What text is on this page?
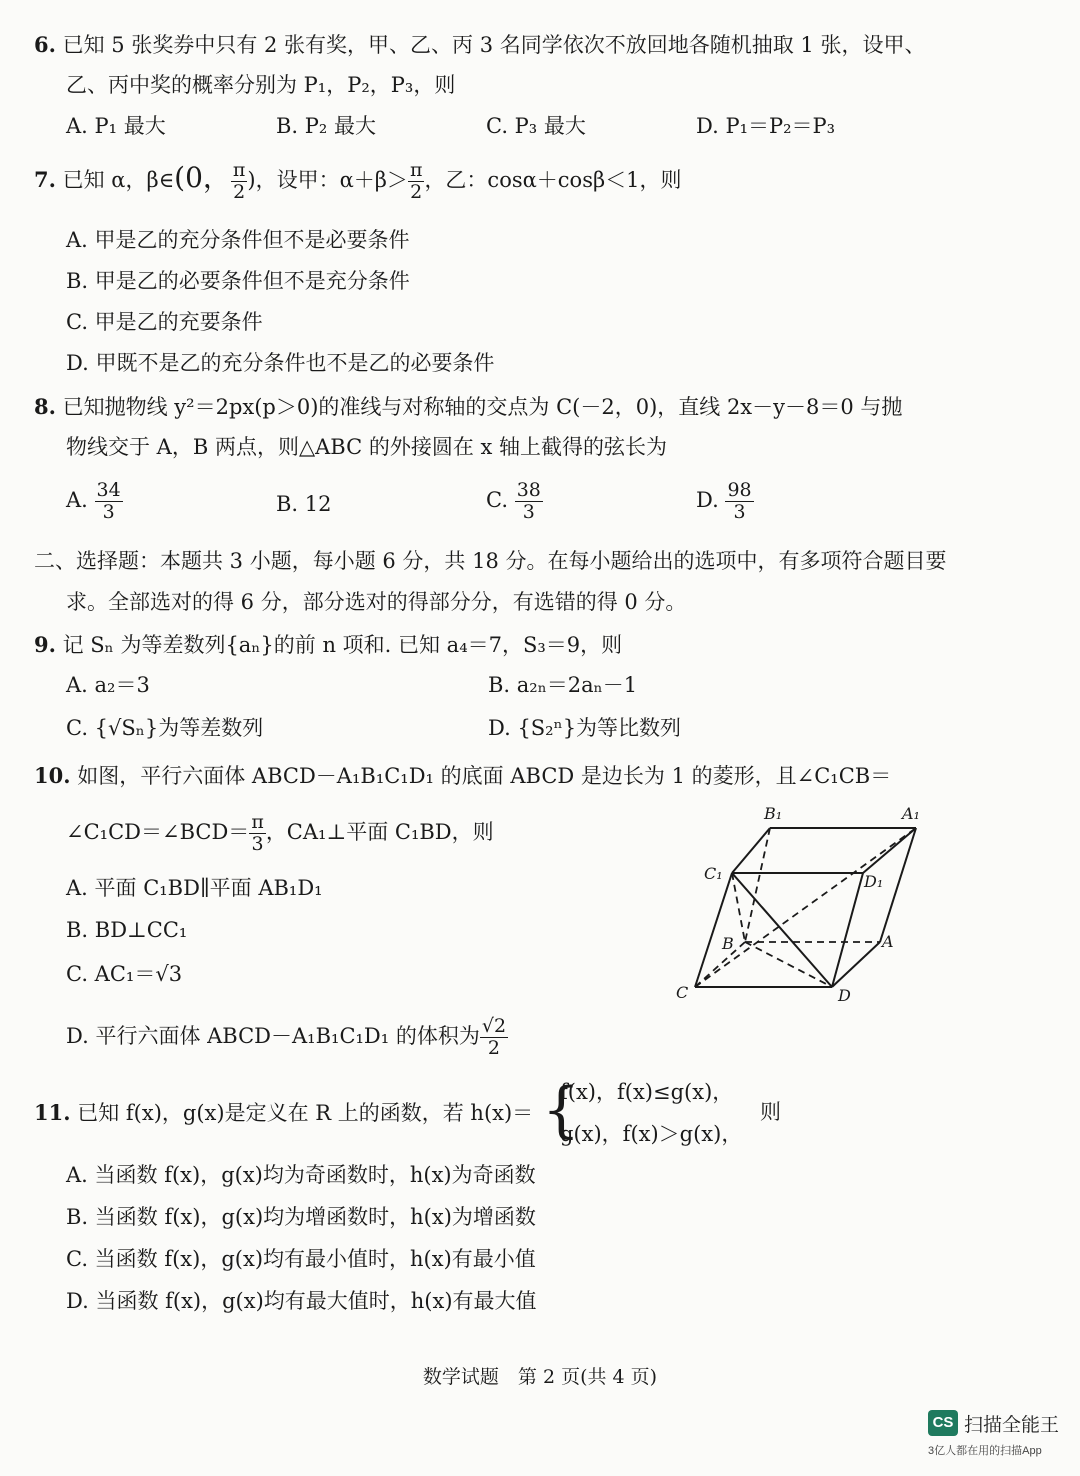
6. 已知 5 张奖券中只有 2 张有奖，甲、乙、丙 3 名同学依次不放回地各随机抽取 1 张，设甲、
乙、丙中奖的概率分别为 P₁，P₂，P₃，则
A. P₁ 最大	B. P₂ 最大	C. P₃ 最大	D. P₁＝P₂＝P₃
7. 已知 α，β∈(0， $\frac{\pi}{2}$ )，设甲：$\alpha+\beta> \frac{\pi}{2}$ ，乙：cosα＋cosβ＜1，则
A. 甲是乙的充分条件但不是必要条件
B. 甲是乙的必要条件但不是充分条件
C. 甲是乙的充要条件
D. 甲既不是乙的充分条件也不是乙的必要条件
8. 已知抛物线 y²＝2px(p＞0)的准线与对称轴的交点为 C(－2，0)，直线 2x－y－8＝0 与抛
物线交于 A，B 两点，则△ABC 的外接圆在 x 轴上截得的弦长为
A. $\frac{34}{3}$	B. 12	C. $\frac{38}{3}$	D. $\frac{98}{3}$
二、选择题：本题共 3 小题，每小题 6 分，共 18 分。在每小题给出的选项中，有多项符合题目要
求。全部选对的得 6 分，部分选对的得部分分，有选错的得 0 分。
9. 记 Sₙ 为等差数列{aₙ}的前 n 项和. 已知 a₄＝7，S₃＝9，则
A. a₂＝3	B. a₂ₙ＝2aₙ－1
C. {√Sₙ}为等差数列	D. {S₂ⁿ}为等比数列
10. 如图，平行六面体 ABCD－A₁B₁C₁D₁ 的底面 ABCD 是边长为 1 的菱形，且∠C₁CB＝
∠C₁CD＝∠BCD＝ $\frac{\pi}{3}$ ，CA₁⊥平面 C₁BD，则
A. 平面 C₁BD∥平面 AB₁D₁
B. BD⊥CC₁
C. AC₁＝√3
D. 平行六面体 ABCD－A₁B₁C₁D₁ 的体积为 $\frac{√2}{2}$
B₁	A₁
C₁	D₁
B	A
C	D
11. 已知 f(x)，g(x)是定义在 R 上的函数，若 h(x)＝ {
f(x)，f(x)≤g(x)，
g(x)，f(x)＞g(x)，
则
A. 当函数 f(x)，g(x)均为奇函数时，h(x)为奇函数
B. 当函数 f(x)，g(x)均为增函数时，h(x)为增函数
C. 当函数 f(x)，g(x)均有最小值时，h(x)有最小值
D. 当函数 f(x)，g(x)均有最大值时，h(x)有最大值
数学试题　第 2 页(共 4 页)
CS 扫描全能王
3亿人都在用的扫描App
